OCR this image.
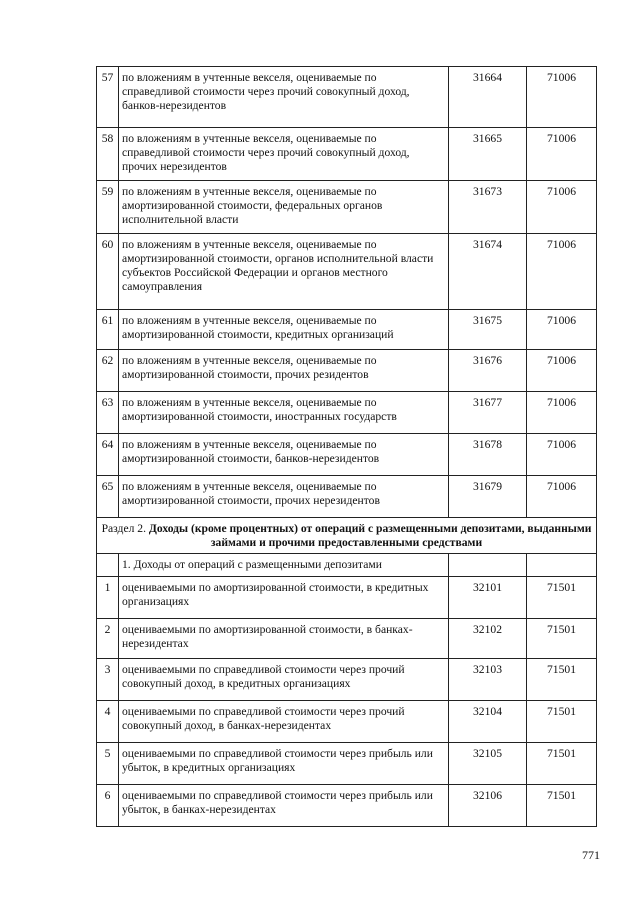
57	по вложениям в учтенные векселя, оцениваемые по справедливой стоимости через прочий совокупный доход, банков-нерезидентов	31664	71006
58	по вложениям в учтенные векселя, оцениваемые по справедливой стоимости через прочий совокупный доход, прочих нерезидентов	31665	71006
59	по вложениям в учтенные векселя, оцениваемые по амортизированной стоимости, федеральных органов исполнительной власти	31673	71006
60	по вложениям в учтенные векселя, оцениваемые по амортизированной стоимости, органов исполнительной власти субъектов Российской Федерации и органов местного самоуправления	31674	71006
61	по вложениям в учтенные векселя, оцениваемые по амортизированной стоимости, кредитных организаций	31675	71006
62	по вложениям в учтенные векселя, оцениваемые по амортизированной стоимости, прочих резидентов	31676	71006
63	по вложениям в учтенные векселя, оцениваемые по амортизированной стоимости, иностранных государств	31677	71006
64	по вложениям в учтенные векселя, оцениваемые по амортизированной стоимости, банков-нерезидентов	31678	71006
65	по вложениям в учтенные векселя, оцениваемые по амортизированной стоимости, прочих нерезидентов	31679	71006
Раздел 2. Доходы (кроме процентных) от операций с размещенными депозитами, выданными займами и прочими предоставленными средствами			
	1. Доходы от операций с размещенными депозитами		
1	оцениваемыми по амортизированной стоимости, в кредитных организациях	32101	71501
2	оцениваемыми по амортизированной стоимости, в банках-нерезидентах	32102	71501
3	оцениваемыми по справедливой стоимости через прочий совокупный доход, в кредитных организациях	32103	71501
4	оцениваемыми по справедливой стоимости через прочий совокупный доход, в банках-нерезидентах	32104	71501
5	оцениваемыми по справедливой стоимости через прибыль или убыток, в кредитных организациях	32105	71501
6	оцениваемыми по справедливой стоимости через прибыль или убыток, в банках-нерезидентах	32106	71501
771
